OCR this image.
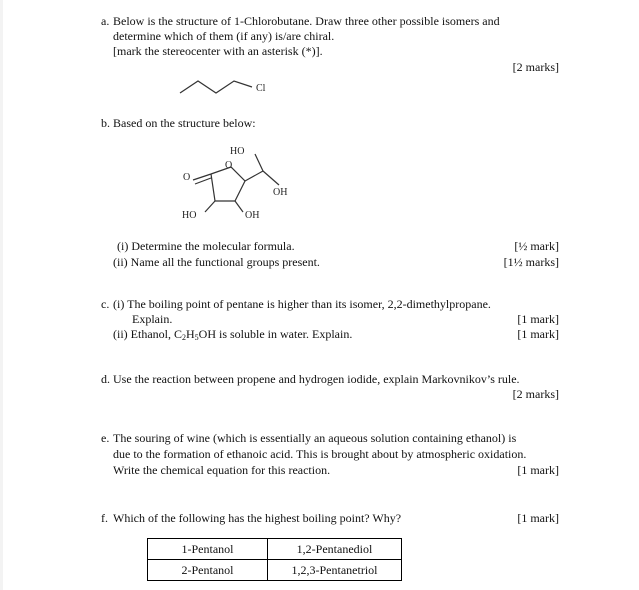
a. Below is the structure of 1-Chlorobutane. Draw three other possible isomers and
determine which of them (if any) is/are chiral.
[mark the stereocenter with an asterisk (*)].
[2 marks]
Cl
b. Based on the structure below:
HO
OH
OH
HO
O
O
(i) Determine the molecular formula.	[½ mark]
(ii) Name all the functional groups present.	[1½ marks]
c. (i) The boiling point of pentane is higher than its isomer, 2,2-dimethylpropane.
Explain.	[1 mark]
(ii) Ethanol, $C_2H_5OH$ is soluble in water. Explain.	[1 mark]
d. Use the reaction between propene and hydrogen iodide, explain Markovnikov’s rule.
[2 marks]
e. The souring of wine (which is essentially an aqueous solution containing ethanol) is
due to the formation of ethanoic acid. This is brought about by atmospheric oxidation.
Write the chemical equation for this reaction.	[1 mark]
f. Which of the following has the highest boiling point? Why?	[1 mark]
1-Pentanol	1,2-Pentanediol
2-Pentanol	1,2,3-Pentanetriol
